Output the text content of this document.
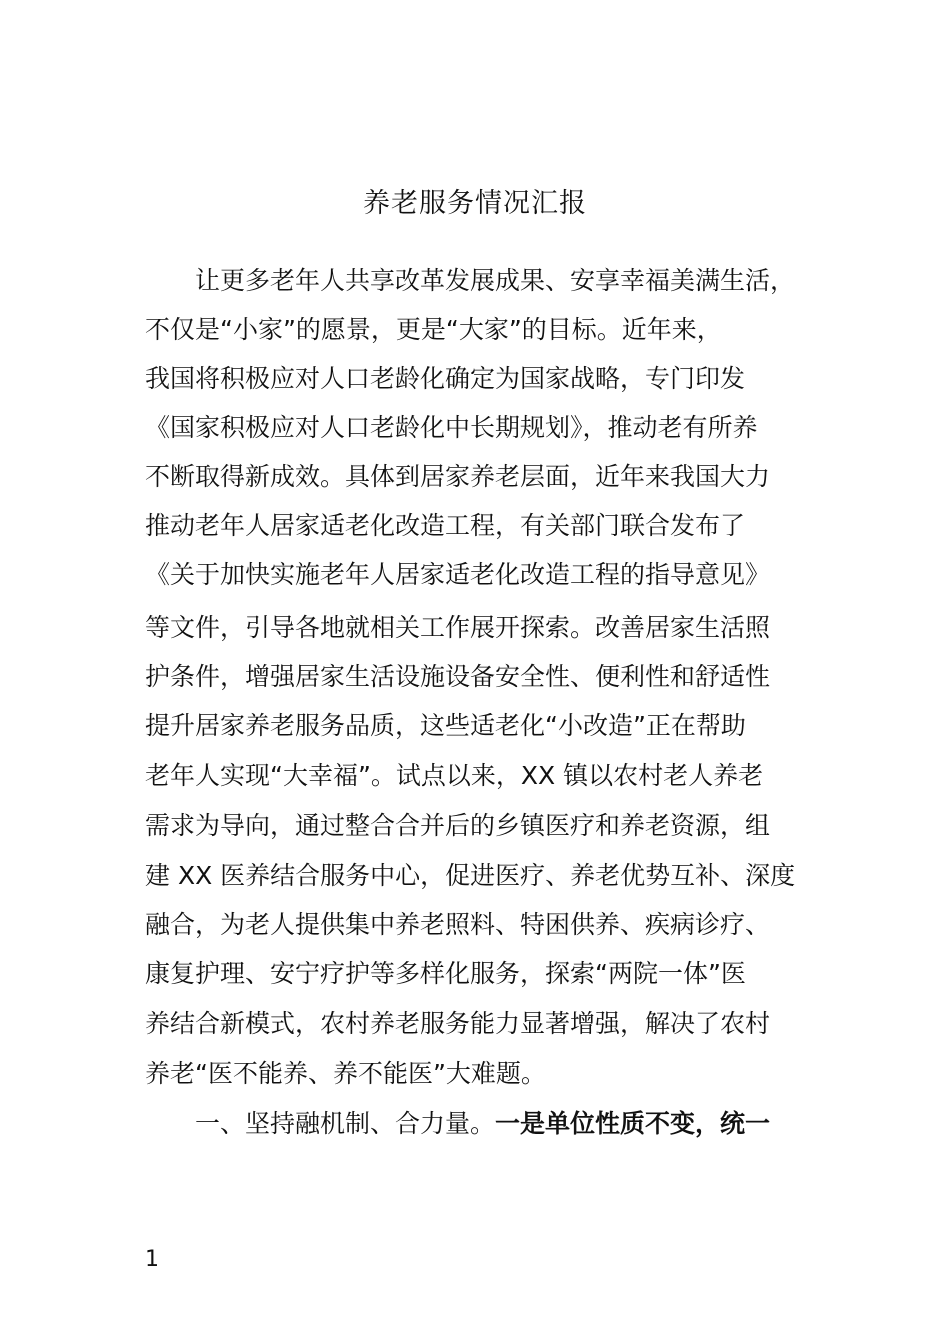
养老服务情况汇报
让更多老年人共享改革发展成果、安享幸福美满生活，
不仅是“小家”的愿景，更是“大家”的目标。近年来，
我国将积极应对人口老龄化确定为国家战略，专门印发
《国家积极应对人口老龄化中长期规划》，推动老有所养
不断取得新成效。具体到居家养老层面，近年来我国大力
推动老年人居家适老化改造工程，有关部门联合发布了
《关于加快实施老年人居家适老化改造工程的指导意见》
等文件，引导各地就相关工作展开探索。改善居家生活照
护条件，增强居家生活设施设备安全性、便利性和舒适性
提升居家养老服务品质，这些适老化“小改造”正在帮助
老年人实现“大幸福”。试点以来，XX 镇以农村老人养老
需求为导向，通过整合合并后的乡镇医疗和养老资源，组
建 XX 医养结合服务中心，促进医疗、养老优势互补、深度
融合，为老人提供集中养老照料、特困供养、疾病诊疗、
康复护理、安宁疗护等多样化服务，探索“两院一体”医
养结合新模式，农村养老服务能力显著增强，解决了农村
养老“医不能养、养不能医”大难题。
一、坚持融机制、合力量。一是单位性质不变，统一
1
